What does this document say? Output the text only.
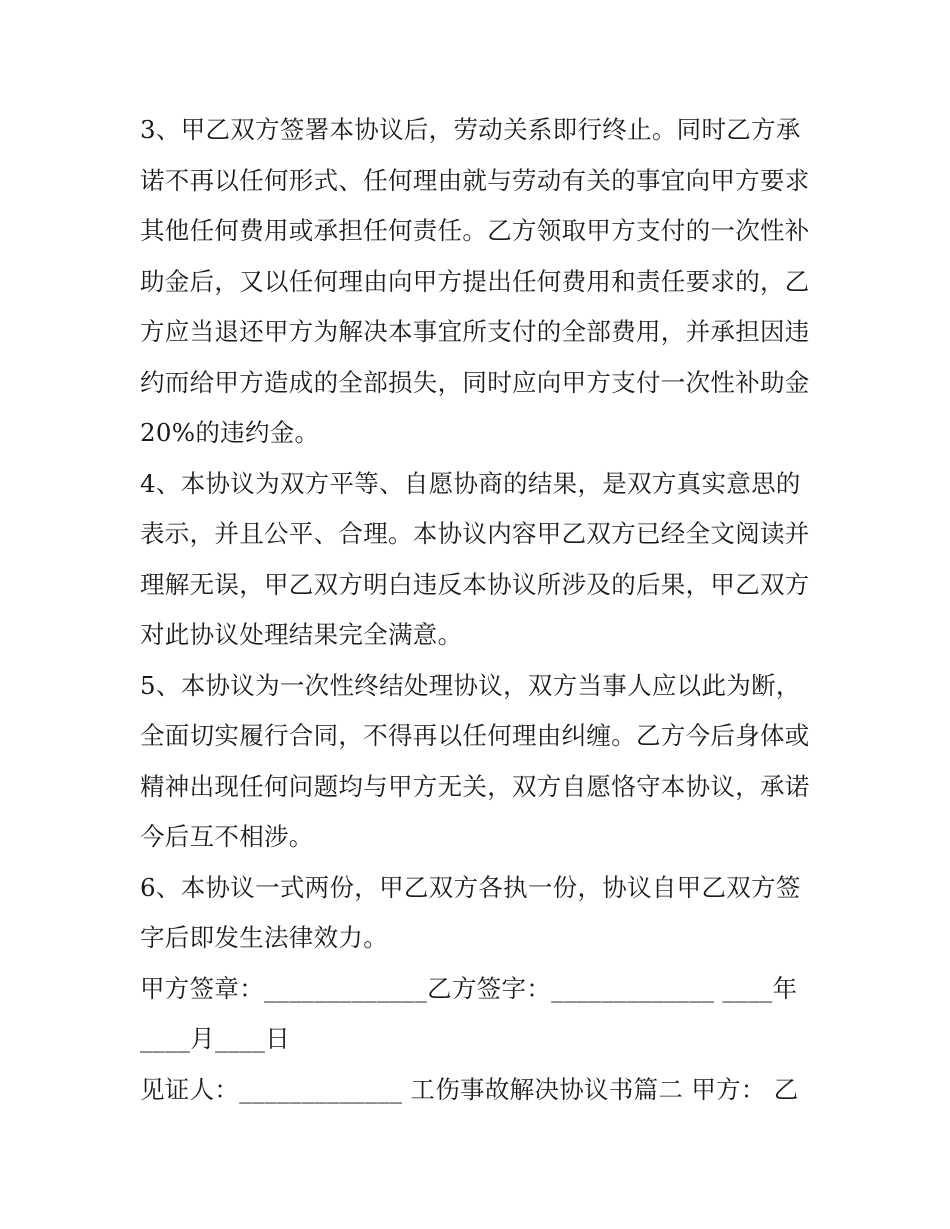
3、甲乙双方签署本协议后，劳动关系即行终止。同时乙方承
诺不再以任何形式、任何理由就与劳动有关的事宜向甲方要求
其他任何费用或承担任何责任。乙方领取甲方支付的一次性补
助金后，又以任何理由向甲方提出任何费用和责任要求的，乙
方应当退还甲方为解决本事宜所支付的全部费用，并承担因违
约而给甲方造成的全部损失，同时应向甲方支付一次性补助金
20%的违约金。
4、本协议为双方平等、自愿协商的结果，是双方真实意思的
表示，并且公平、合理。本协议内容甲乙双方已经全文阅读并
理解无误，甲乙双方明白违反本协议所涉及的后果，甲乙双方
对此协议处理结果完全满意。
5、本协议为一次性终结处理协议，双方当事人应以此为断，
全面切实履行合同，不得再以任何理由纠缠。乙方今后身体或
精神出现任何问题均与甲方无关，双方自愿恪守本协议，承诺
今后互不相涉。
6、本协议一式两份，甲乙双方各执一份，协议自甲乙双方签
字后即发生法律效力。
甲方签章：_____________乙方签字：_____________ ____年
____月____日
见证人：_____________ 工伤事故解决协议书篇二 甲方： 乙
